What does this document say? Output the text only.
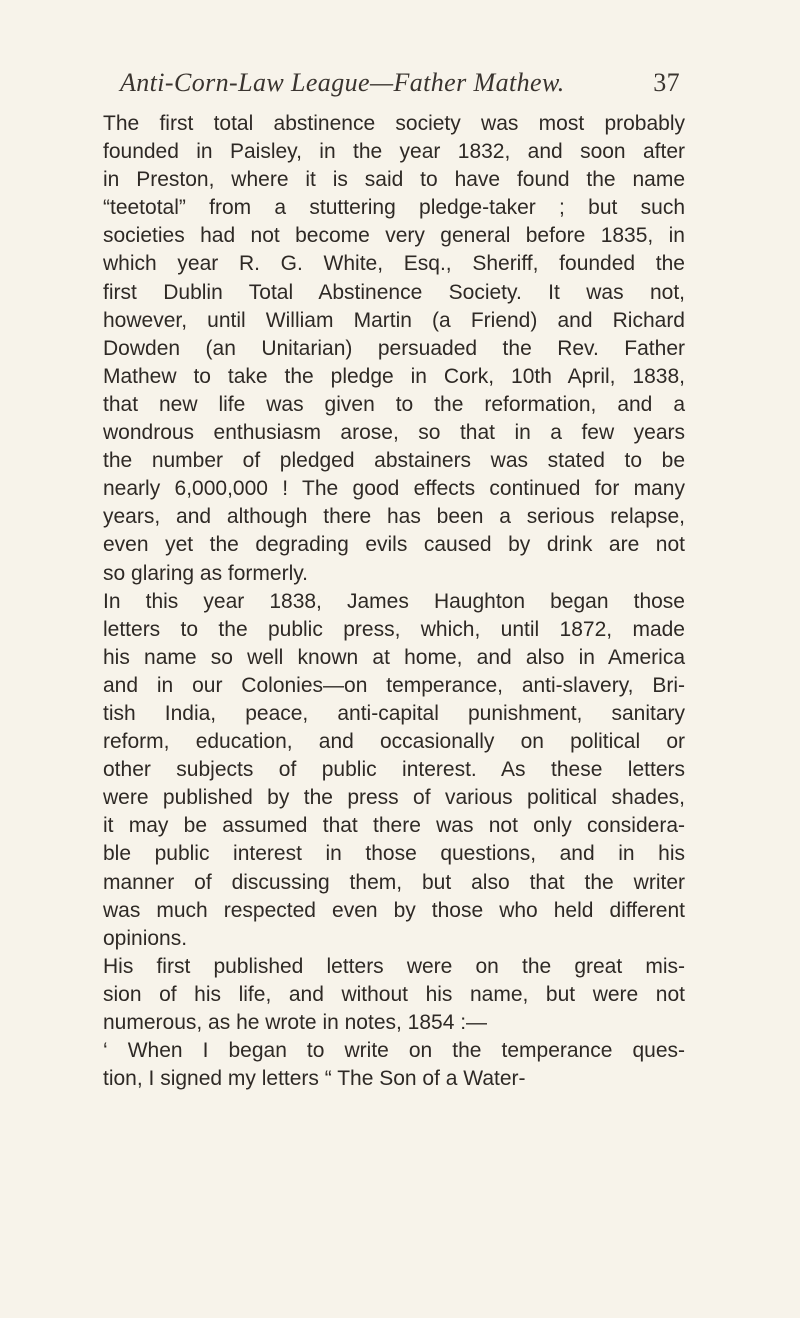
Anti-Corn-Law League—Father Mathew.	37
The first total abstinence society was most probably
founded in Paisley, in the year 1832, and soon after
in Preston, where it is said to have found the name
“teetotal” from a stuttering pledge-taker ; but such
societies had not become very general before 1835, in
which year R. G. White, Esq., Sheriff, founded the
first Dublin Total Abstinence Society. It was not,
however, until William Martin (a Friend) and Richard
Dowden (an Unitarian) persuaded the Rev. Father
Mathew to take the pledge in Cork, 10th April, 1838,
that new life was given to the reformation, and a
wondrous enthusiasm arose, so that in a few years
the number of pledged abstainers was stated to be
nearly 6,000,000 ! The good effects continued for many
years, and although there has been a serious relapse,
even yet the degrading evils caused by drink are not
so glaring as formerly.
In this year 1838, James Haughton began those
letters to the public press, which, until 1872, made
his name so well known at home, and also in America
and in our Colonies—on temperance, anti-slavery, Bri-
tish India, peace, anti-capital punishment, sanitary
reform, education, and occasionally on political or
other subjects of public interest. As these letters
were published by the press of various political shades,
it may be assumed that there was not only considera-
ble public interest in those questions, and in his
manner of discussing them, but also that the writer
was much respected even by those who held different
opinions.
His first published letters were on the great mis-
sion of his life, and without his name, but were not
numerous, as he wrote in notes, 1854 :—
‘ When I began to write on the temperance ques-
tion, I signed my letters “ The Son of a Water-
